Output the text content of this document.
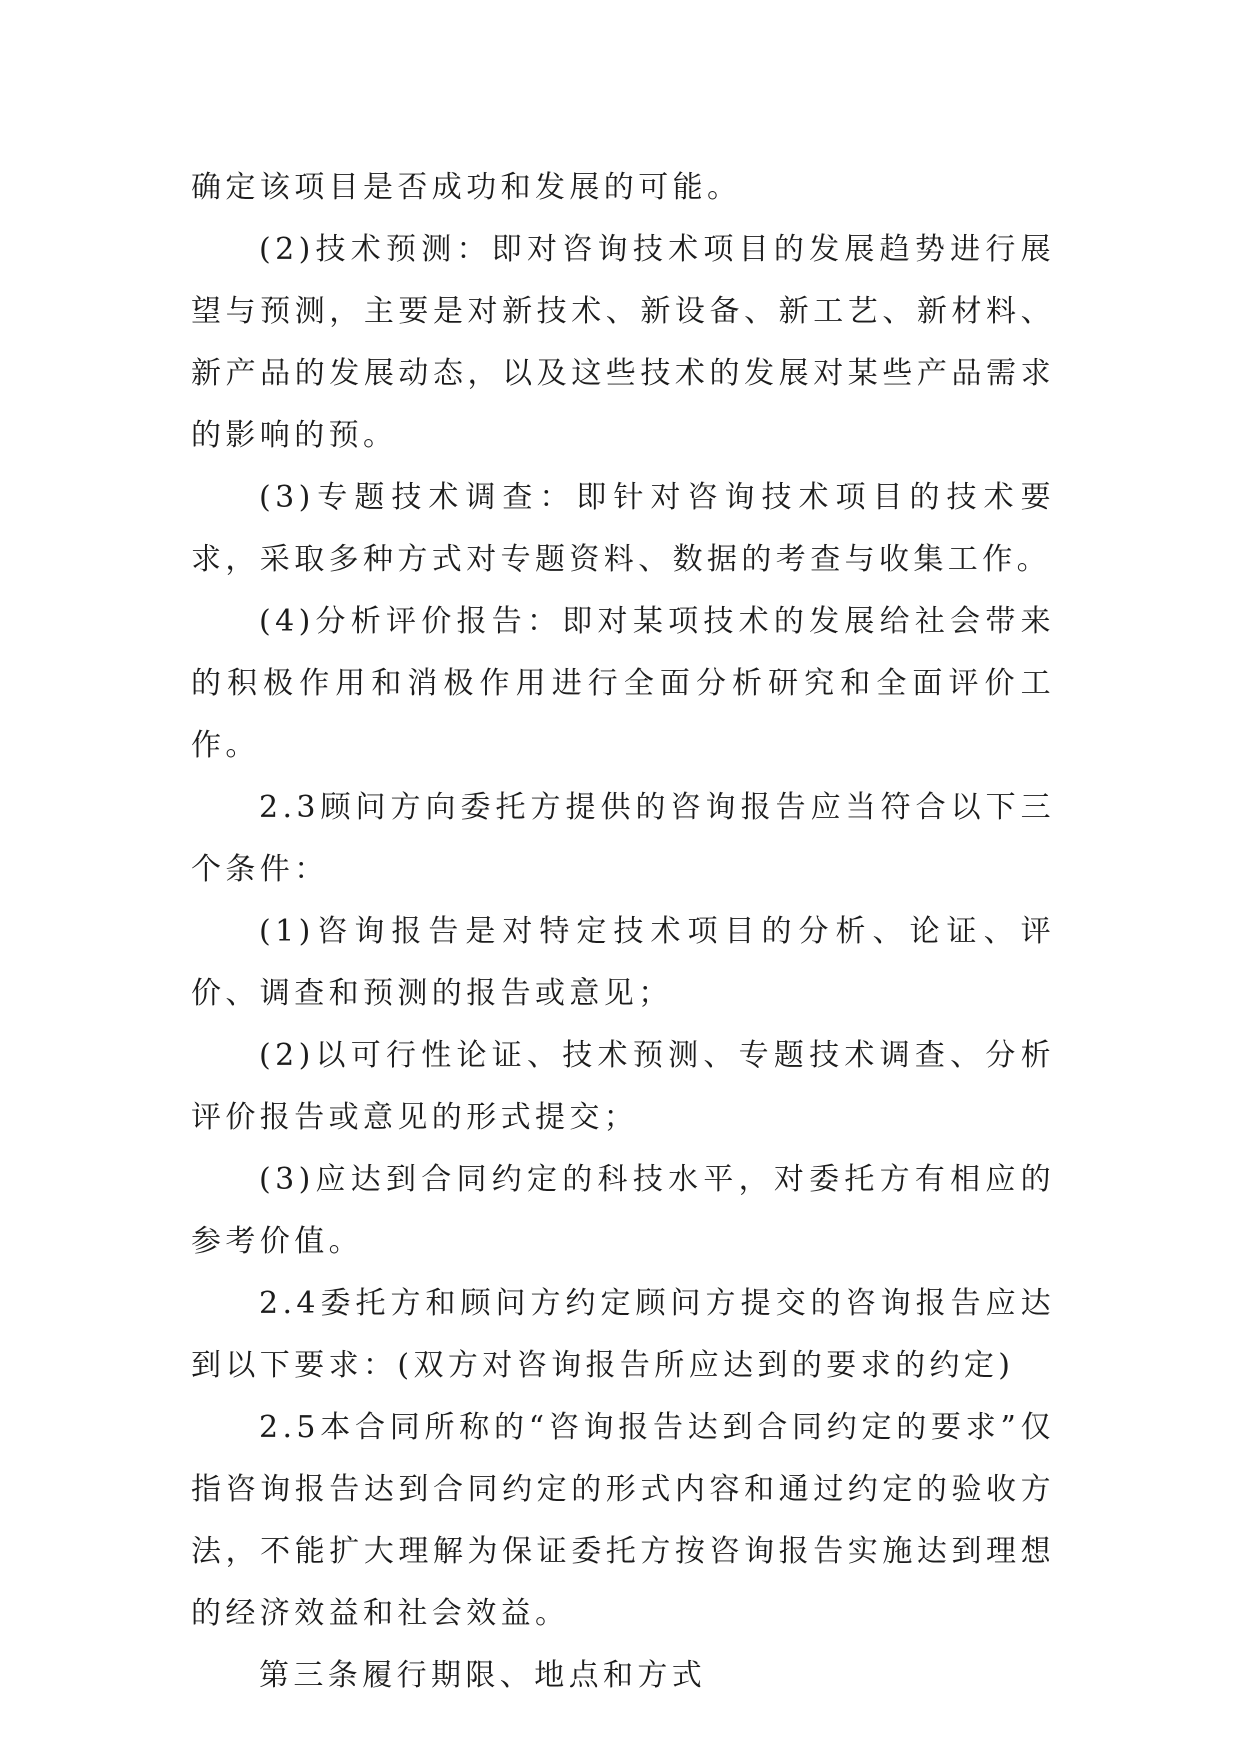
确定该项目是否成功和发展的可能。

(2)技术预测：即对咨询技术项目的发展趋势进行展望与预测，主要是对新技术、新设备、新工艺、新材料、新产品的发展动态，以及这些技术的发展对某些产品需求的影响的预。

(3)专题技术调查：即针对咨询技术项目的技术要求，采取多种方式对专题资料、数据的考查与收集工作。

(4)分析评价报告：即对某项技术的发展给社会带来的积极作用和消极作用进行全面分析研究和全面评价工作。

2.3顾问方向委托方提供的咨询报告应当符合以下三个条件：

(1)咨询报告是对特定技术项目的分析、论证、评价、调查和预测的报告或意见；

(2)以可行性论证、技术预测、专题技术调查、分析评价报告或意见的形式提交；

(3)应达到合同约定的科技水平，对委托方有相应的参考价值。

2.4委托方和顾问方约定顾问方提交的咨询报告应达到以下要求：(双方对咨询报告所应达到的要求的约定)

2.5本合同所称的“咨询报告达到合同约定的要求”仅指咨询报告达到合同约定的形式内容和通过约定的验收方法，不能扩大理解为保证委托方按咨询报告实施达到理想的经济效益和社会效益。

第三条履行期限、地点和方式
